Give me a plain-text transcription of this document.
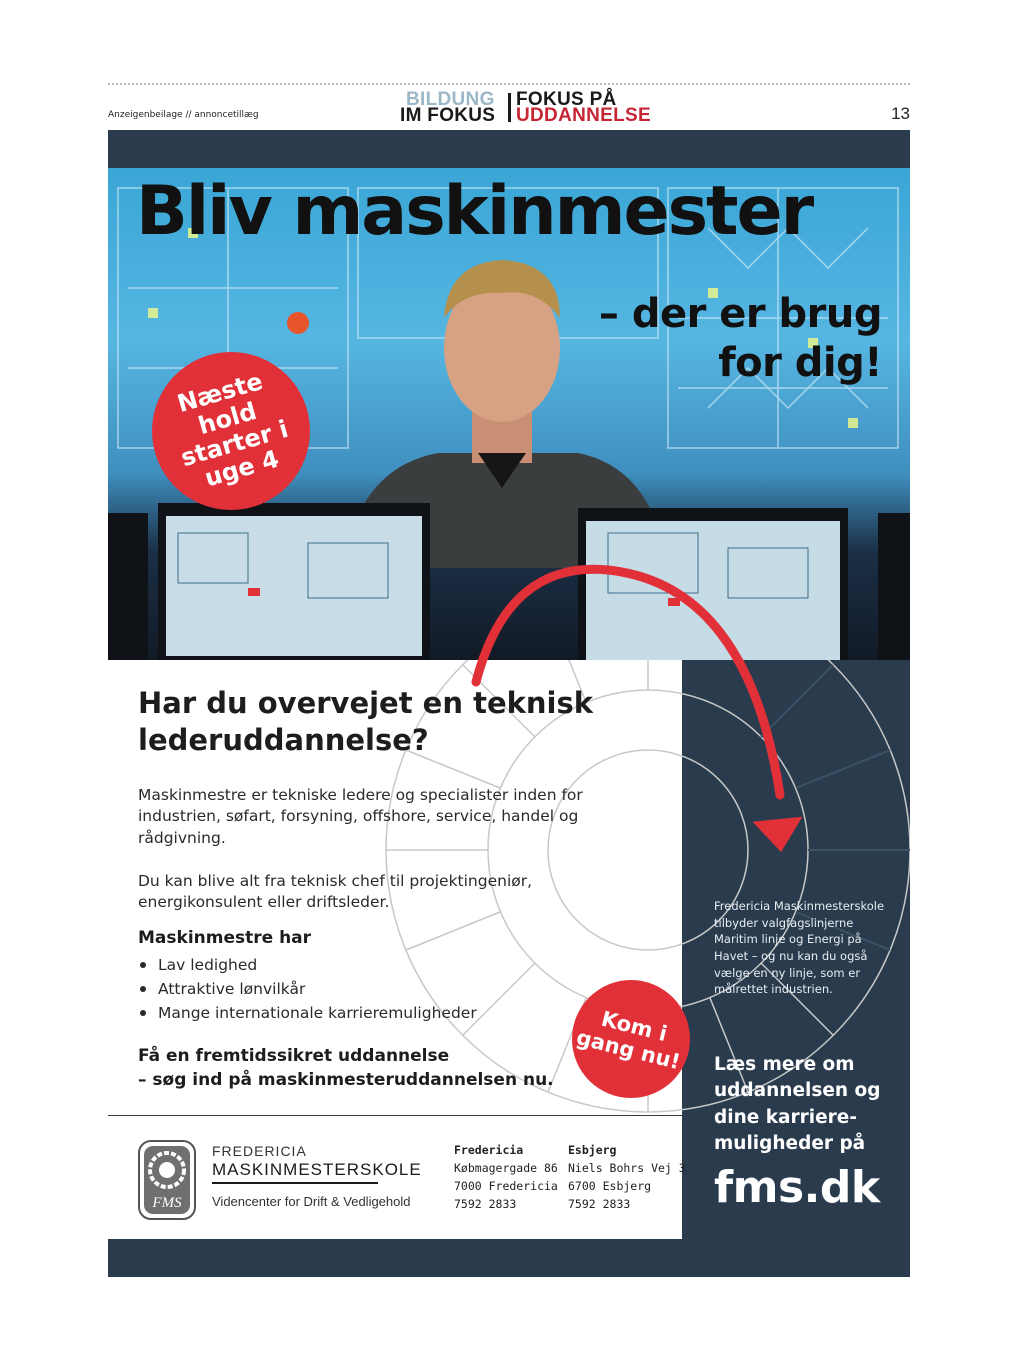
Anzeigenbeilage // annoncetillæg
BILDUNG
IM FOKUS
FOKUS PÅ
UDDANNELSE	13
Bliv maskinmester
– der er brug
for dig!
Næste
hold
starter i
uge 4
Har du overvejet en teknisk lederuddannelse?
Maskinmestre er tekniske ledere og specialister inden for industrien, søfart, forsyning, offshore, service, handel og rådgivning.
Du kan blive alt fra teknisk chef til projektingeniør, energikonsulent eller driftsleder.
Maskinmestre har
Lav ledighed
Attraktive lønvilkår
Mange internationale karrieremuligheder
Få en fremtidssikret uddannelse
– søg ind på maskinmesteruddannelsen nu.
Kom i
gang nu!
FMS
FREDERICIA
MASKINMESTERSKOLE
Videncenter for Drift & Vedligehold
Fredericia
Købmagergade 86
7000 Fredericia
7592 2833
Esbjerg
Niels Bohrs Vej 3
6700 Esbjerg
7592 2833
Fredericia Maskinmesterskole tilbyder valgfagslinjerne Maritim linje og Energi på Havet – og nu kan du også vælge en ny linje, som er målrettet industrien.
Læs mere om uddannelsen og dine karriere-muligheder på
fms.dk
